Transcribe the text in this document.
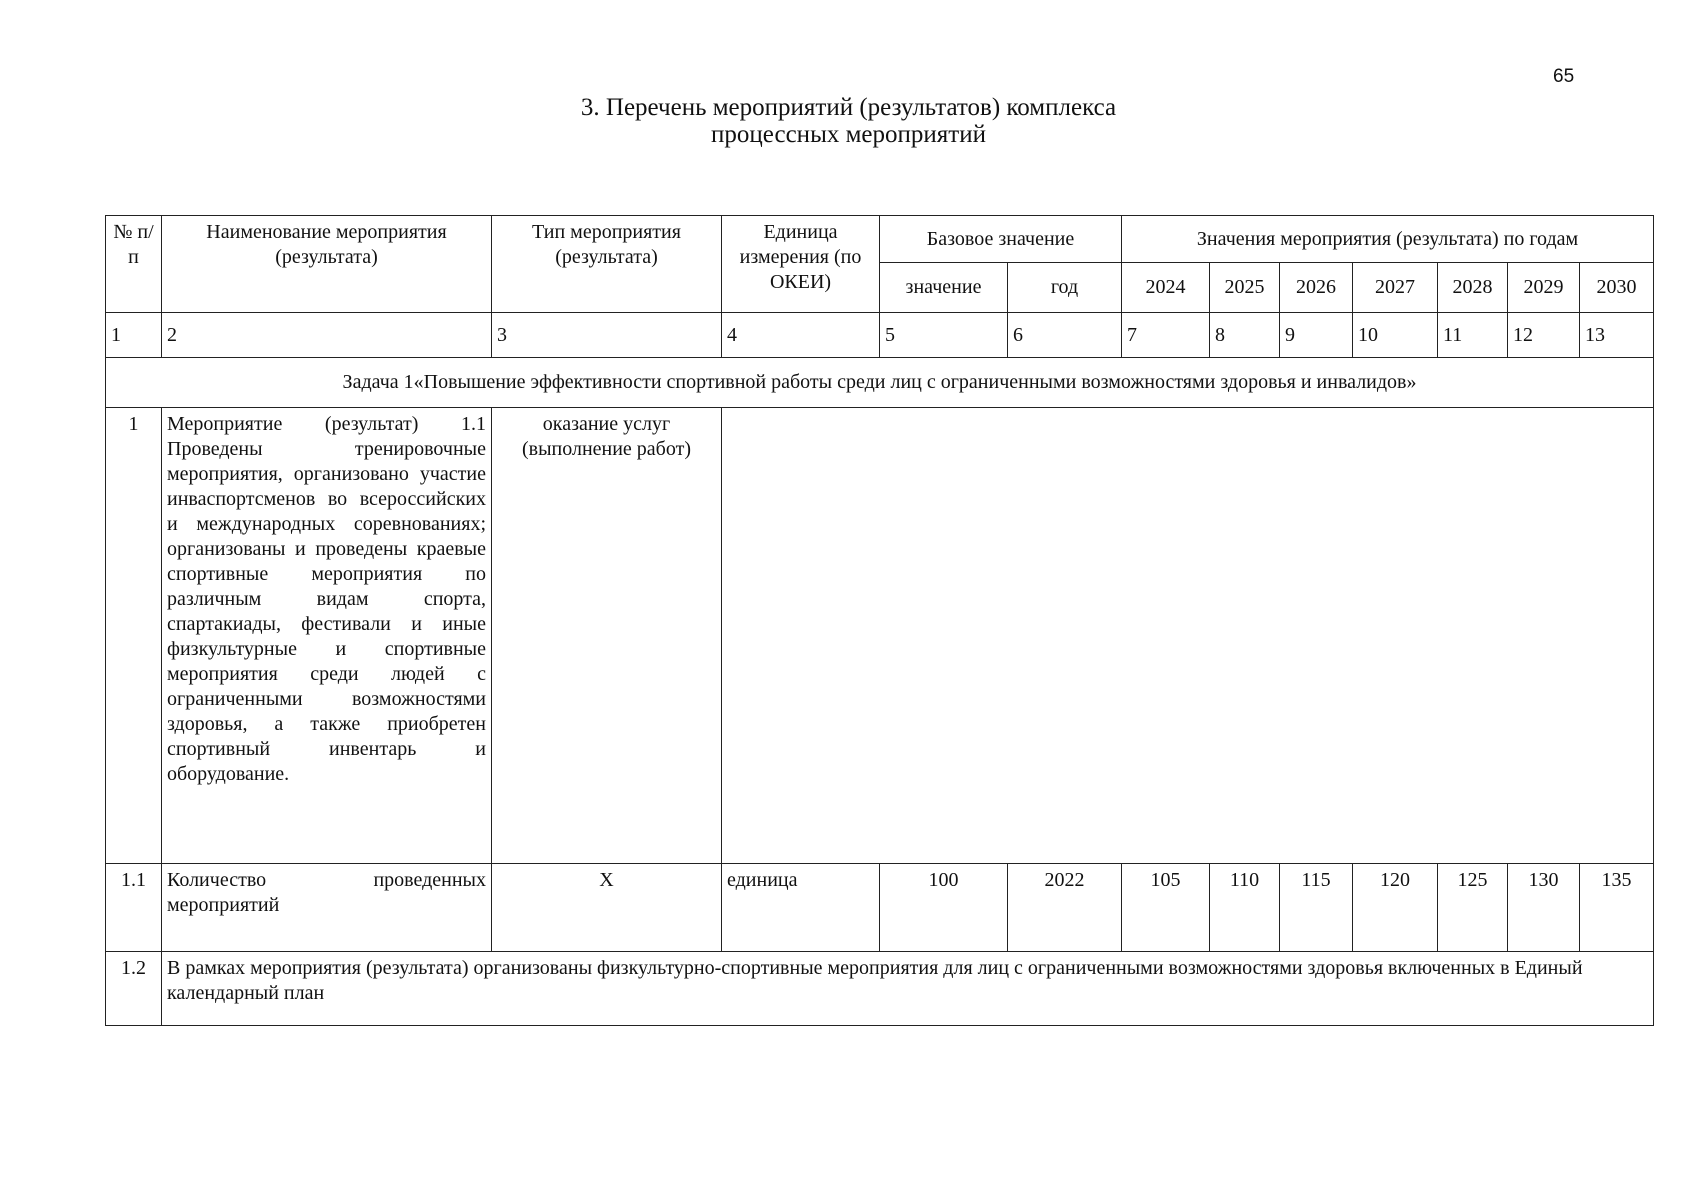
65
3. Перечень мероприятий (результатов) комплекса
процессных мероприятий
№ п/п	Наименование мероприятия (результата)	Тип мероприятия (результата)	Единица измерения (по ОКЕИ)	Базовое значение		Значения мероприятия (результата) по годам						
				значение	год	2024	2025	2026	2027	2028	2029	2030
1	2	3	4	5	6	7	8	9	10	11	12	13
Задача 1«Повышение эффективности спортивной работы среди лиц с ограниченными возможностями здоровья и инвалидов»												
1	Мероприятие (результат) 1.1 Проведены тренировочные мероприятия, организовано участие инваспортсменов во всероссийских и международных соревнованиях; организованы и проведены краевые спортивные мероприятия по различным видам спорта, спартакиады, фестивали и иные физкультурные и спортивные мероприятия среди людей с ограниченными возможностями здоровья, а также приобретен спортивный инвентарь и оборудование.	оказание услуг (выполнение работ)										
1.1	Количество проведенных мероприятий	X	единица	100	2022	105	110	115	120	125	130	135
1.2	В рамках мероприятия (результата) организованы физкультурно-спортивные мероприятия для лиц с ограниченными возможностями здоровья включенных в Единый календарный план											
